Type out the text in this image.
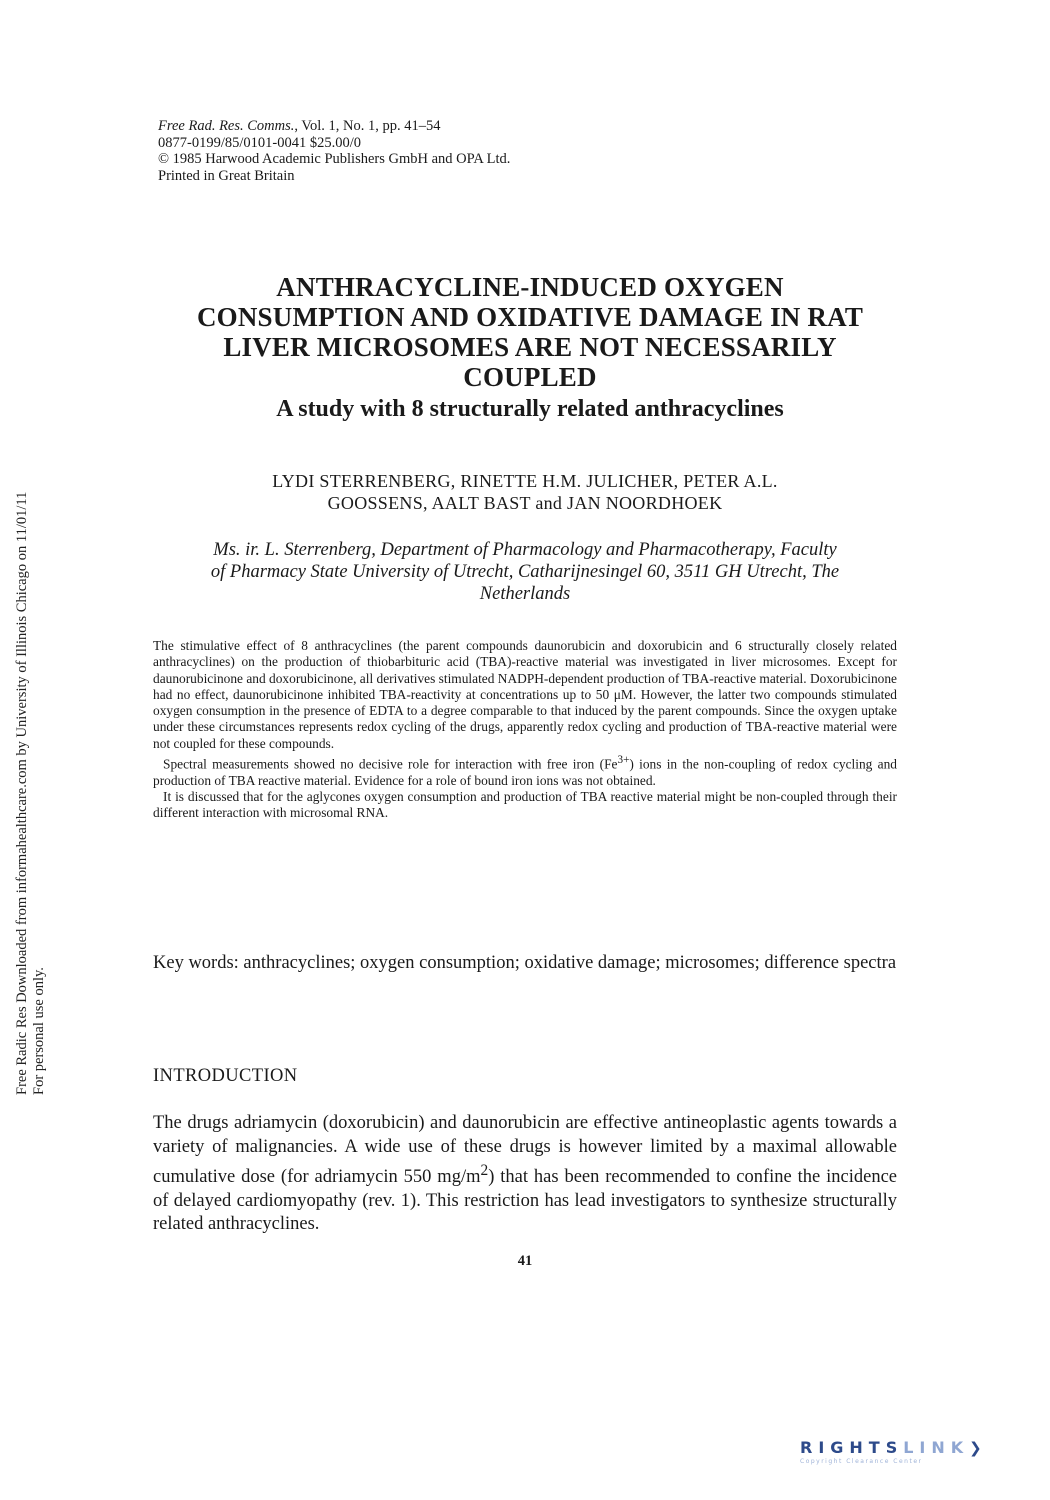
Free Radic Res Downloaded from informahealthcare.com by University of Illinois Chicago on 11/01/11 For personal use only.
Free Rad. Res. Comms., Vol. 1, No. 1, pp. 41–54
0877-0199/85/0101-0041 $25.00/0
© 1985 Harwood Academic Publishers GmbH and OPA Ltd.
Printed in Great Britain
ANTHRACYCLINE-INDUCED OXYGEN
CONSUMPTION AND OXIDATIVE DAMAGE IN RAT
LIVER MICROSOMES ARE NOT NECESSARILY
COUPLED
A study with 8 structurally related anthracyclines
LYDI STERRENBERG, RINETTE H.M. JULICHER, PETER A.L.
GOOSSENS, AALT BAST and JAN NOORDHOEK
Ms. ir. L. Sterrenberg, Department of Pharmacology and Pharmacotherapy, Faculty
of Pharmacy State University of Utrecht, Catharijnesingel 60, 3511 GH Utrecht, The
Netherlands

The stimulative effect of 8 anthracyclines (the parent compounds daunorubicin and doxorubicin and 6 structurally closely related anthracyclines) on the production of thiobarbituric acid (TBA)-reactive material was investigated in liver microsomes. Except for daunorubicinone and doxorubicinone, all derivatives stimulated NADPH-dependent production of TBA-reactive material. Doxorubicinone had no effect, daunorubicinone inhibited TBA-reactivity at concentrations up to 50 μM. However, the latter two compounds stimulated oxygen consumption in the presence of EDTA to a degree comparable to that induced by the parent compounds. Since the oxygen uptake under these circumstances represents redox cycling of the drugs, apparently redox cycling and production of TBA-reactive material were not coupled for these compounds.

Spectral measurements showed no decisive role for interaction with free iron $(Fe^{3+})$ ions in the non-coupling of redox cycling and production of TBA reactive material. Evidence for a role of bound iron ions was not obtained.

It is discussed that for the aglycones oxygen consumption and production of TBA reactive material might be non-coupled through their different interaction with microsomal RNA.

Key words: anthracyclines; oxygen consumption; oxidative damage; microsomes; difference spectra
INTRODUCTION

The drugs adriamycin (doxorubicin) and daunorubicin are effective antineoplastic agents towards a variety of malignancies. A wide use of these drugs is however limited by a maximal allowable cumulative dose (for adriamycin 550 $mg/m^2$) that has been recommended to confine the incidence of delayed cardiomyopathy (rev. 1). This restriction has lead investigators to synthesize structurally related anthracyclines.

41
RIGHTSLINK❯
Copyright Clearance Center
